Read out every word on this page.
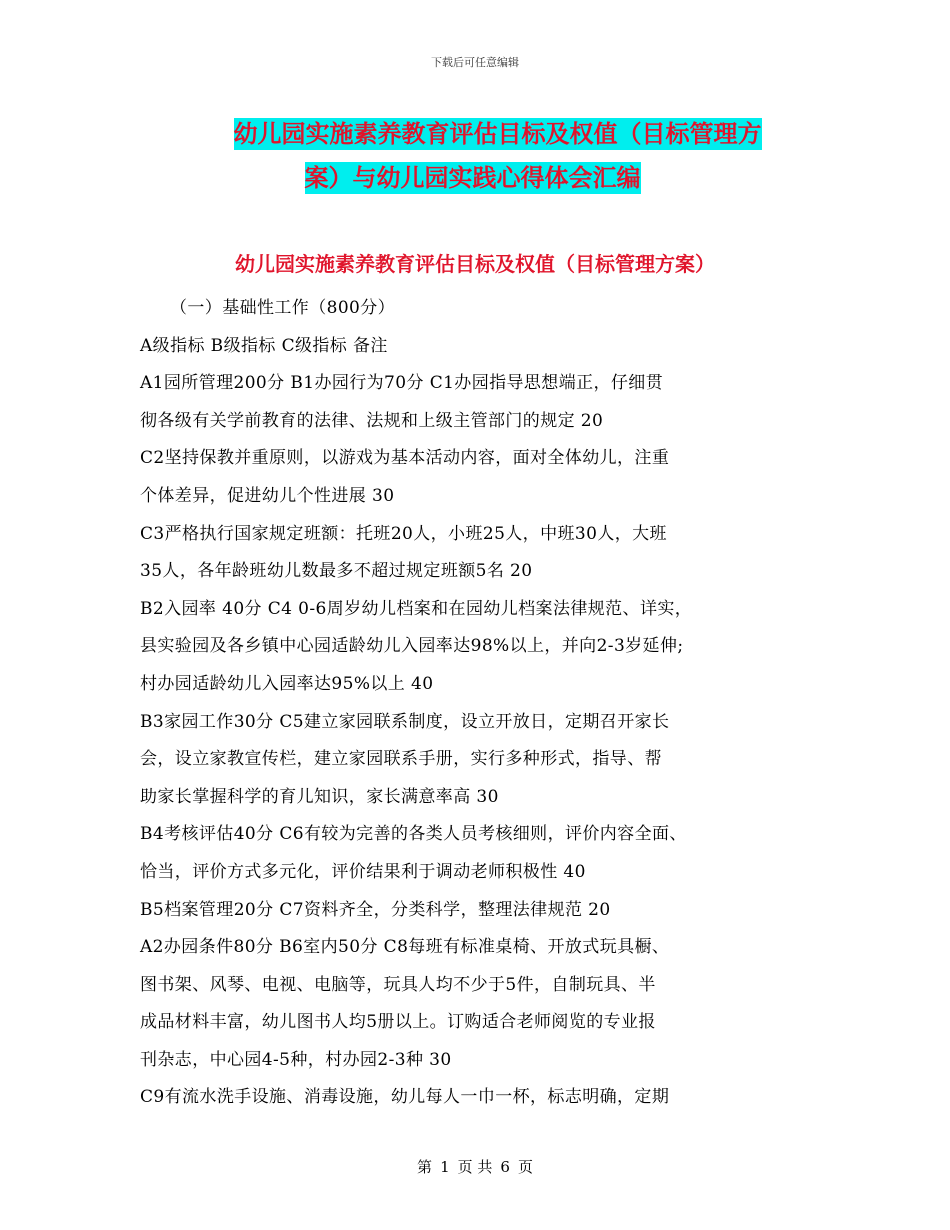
下载后可任意编辑
幼儿园实施素养教育评估目标及权值（目标管理方
案）与幼儿园实践心得体会汇编
幼儿园实施素养教育评估目标及权值（目标管理方案）
（一）基础性工作（800分）
A级指标 B级指标 C级指标 备注
A1园所管理200分 B1办园行为70分 C1办园指导思想端正，仔细贯
彻各级有关学前教育的法律、法规和上级主管部门的规定 20
C2坚持保教并重原则，以游戏为基本活动内容，面对全体幼儿，注重
个体差异，促进幼儿个性进展 30
C3严格执行国家规定班额：托班20人，小班25人，中班30人，大班
35人，各年龄班幼儿数最多不超过规定班额5名 20
B2入园率 40分 C4 0-6周岁幼儿档案和在园幼儿档案法律规范、详实，
县实验园及各乡镇中心园适龄幼儿入园率达98%以上，并向2-3岁延伸;
村办园适龄幼儿入园率达95%以上 40
B3家园工作30分 C5建立家园联系制度，设立开放日，定期召开家长
会，设立家教宣传栏，建立家园联系手册，实行多种形式，指导、帮
助家长掌握科学的育儿知识，家长满意率高 30
B4考核评估40分 C6有较为完善的各类人员考核细则，评价内容全面、
恰当，评价方式多元化，评价结果利于调动老师积极性 40
B5档案管理20分 C7资料齐全，分类科学，整理法律规范 20
A2办园条件80分 B6室内50分 C8每班有标准桌椅、开放式玩具橱、
图书架、风琴、电视、电脑等，玩具人均不少于5件，自制玩具、半
成品材料丰富，幼儿图书人均5册以上。订购适合老师阅览的专业报
刊杂志，中心园4-5种，村办园2-3种 30
C9有流水洗手设施、消毒设施，幼儿每人一巾一杯，标志明确，定期
第 1 页 共 6 页
